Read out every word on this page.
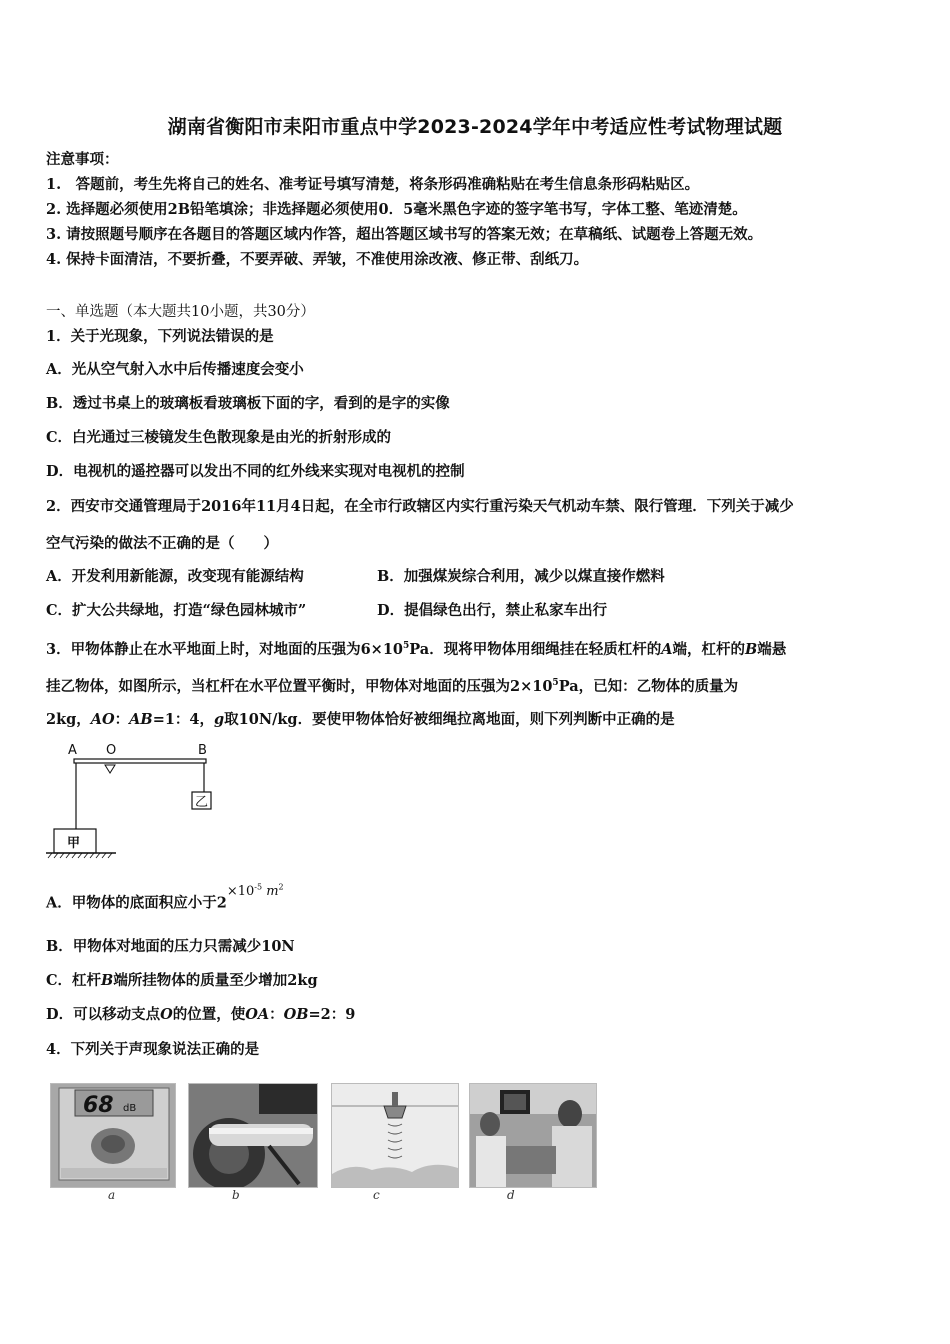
湖南省衡阳市耒阳市重点中学2023-2024学年中考适应性考试物理试题
注意事项：
1.　答题前，考生先将自己的姓名、准考证号填写清楚，将条形码准确粘贴在考生信息条形码粘贴区。
2. 选择题必须使用2B铅笔填涂；非选择题必须使用0．5毫米黑色字迹的签字笔书写，字体工整、笔迹清楚。
3. 请按照题号顺序在各题目的答题区域内作答，超出答题区域书写的答案无效；在草稿纸、试题卷上答题无效。
4. 保持卡面清洁，不要折叠，不要弄破、弄皱，不准使用涂改液、修正带、刮纸刀。
一、单选题（本大题共10小题，共30分）
1．关于光现象，下列说法错误的是
A．光从空气射入水中后传播速度会变小
B．透过书桌上的玻璃板看玻璃板下面的字，看到的是字的实像
C．白光通过三棱镜发生色散现象是由光的折射形成的
D．电视机的遥控器可以发出不同的红外线来实现对电视机的控制
2．西安市交通管理局于2016年11月4日起，在全市行政辖区内实行重污染天气机动车禁、限行管理．下列关于减少
空气污染的做法不正确的是（　　）
A．开发利用新能源，改变现有能源结构	B．加强煤炭综合利用，减少以煤直接作燃料
C．扩大公共绿地，打造“绿色园林城市”	D．提倡绿色出行，禁止私家车出行
3．甲物体静止在水平地面上时，对地面的压强为$6\times 10^5Pa$．现将甲物体用细绳挂在轻质杠杆的A端，杠杆的B端悬
挂乙物体，如图所示，当杠杆在水平位置平衡时，甲物体对地面的压强为$2\times 10^5Pa$，已知：乙物体的质量为
2kg，AO：AB=1：4，g取10N/kg．要使甲物体恰好被细绳拉离地面，则下列判断中正确的是
A O	B
乙
甲
A．甲物体的底面积应小于$2\times 10^{-5}$ $m^2$
B．甲物体对地面的压力只需减少10N
C．杠杆B端所挂物体的质量至少增加2kg
D．可以移动支点O的位置，使OA：OB=2：9
4．下列关于声现象说法正确的是
68 dB
a	b	c	d
